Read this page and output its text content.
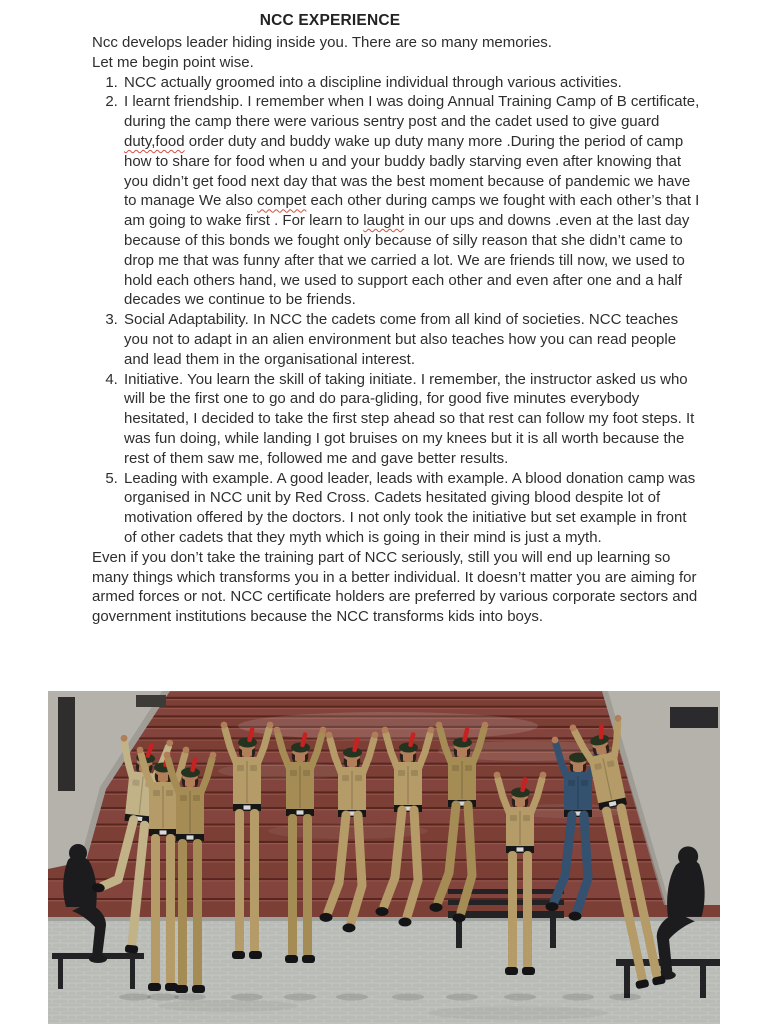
NCC EXPERIENCE

Ncc develops leader hiding inside you. There are so many memories.

Let me begin point wise.

1. NCC actually groomed into a discipline individual through various activities.
2. I learnt friendship. I remember when I was doing Annual Training Camp of B certificate, during the camp there were various sentry post and the cadet used to give guard duty,food order duty and buddy wake up duty many more .During the period of camp how to share for food when u and your buddy badly starving even after knowing that you didn’t get food next day that was the best moment because of pandemic we have to manage We also compet each other during camps we fought with each other’s that I am going to wake first . For learn to laught in our ups and downs .even at the last day because of this bonds we fought only because of silly reason that she didn’t came to drop me that was funny after that we carried a lot. We are friends till now, we used to hold each others hand, we used to support each other and even after one and a half decades we continue to be friends.
3. Social Adaptability. In NCC the cadets come from all kind of societies. NCC teaches you not to adapt in an alien environment but also teaches how you can read people and lead them in the organisational interest.
4. Initiative. You learn the skill of taking initiate. I remember, the instructor asked us who will be the first one to go and do para-gliding, for good five minutes everybody hesitated, I decided to take the first step ahead so that rest can follow my foot steps. It was fun doing, while landing I got bruises on my knees but it is all worth because the rest of them saw me, followed me and gave better results.
5. Leading with example. A good leader, leads with example. A blood donation camp was organised in NCC unit by Red Cross. Cadets hesitated giving blood despite lot of motivation offered by the doctors. I not only took the initiative but set example in front of other cadets that they myth which is going in their mind is just a myth.

Even if you don’t take the training part of NCC seriously, still you will end up learning so many things which transforms you in a better individual. It doesn’t matter you are aiming for armed forces or not. NCC certificate holders are preferred by various corporate sectors and government institutions because the NCC transforms kids into boys.
